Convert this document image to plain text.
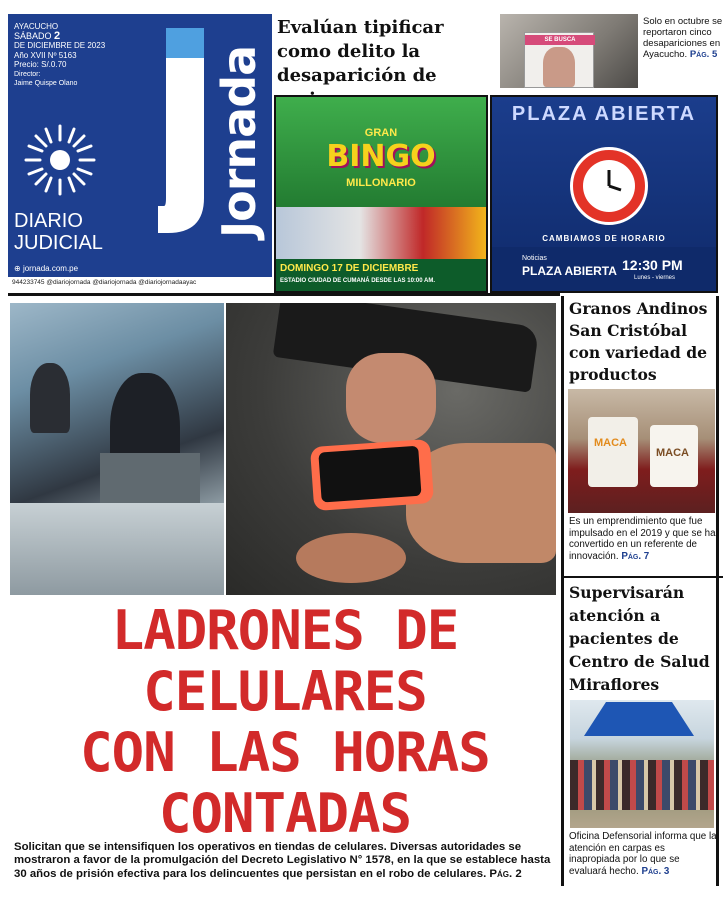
AYACUCHO
SÁBADO 2
DE DICIEMBRE DE 2023
Año XVII Nº 5163
Precio: S/.0.70
Director:
Jaime Quispe Olano	Jornada
DIARIO
JUDICIAL
⊕ jornada.com.pe
944233745 @diariojornada @diariojornada @diariojornadaayac
Evalúan tipificar como delito la desaparición de
SE BUSCA
Solo en octubre se reportaron cinco desapariciones en Ayacucho. Pág. 5
GRAN
BINGO
MILLONARIO
DOMINGO 17 DE DICIEMBRE
ESTADIO CIUDAD DE CUMANÁ DESDE LAS 10:00 AM.
PLAZA ABIERTA
CAMBIAMOS DE HORARIO
Noticias
PLAZA ABIERTA 12:30 PM
Lunes - viernes
LADRONES DE
CELULARES
CON LAS HORAS
CONTADAS
Solicitan que se intensifiquen los operativos en tiendas de celulares. Diversas autoridades se mostraron a favor de la promulgación del Decreto Legislativo N° 1578, en la que se establece hasta 30 años de prisión efectiva para los delincuentes que persistan en el robo de celulares. Pág. 2
Granos Andinos San Cristóbal con variedad de productos
MACA
MACA
Es un emprendimiento que fue impulsado en el 2019 y que se ha convertido en un referente de innovación. Pág. 7
Supervisarán atención a pacientes de Centro de Salud Miraflores
Oficina Defensorial informa que la atención en carpas es inapropiada por lo que se evaluará hecho. Pág. 3
